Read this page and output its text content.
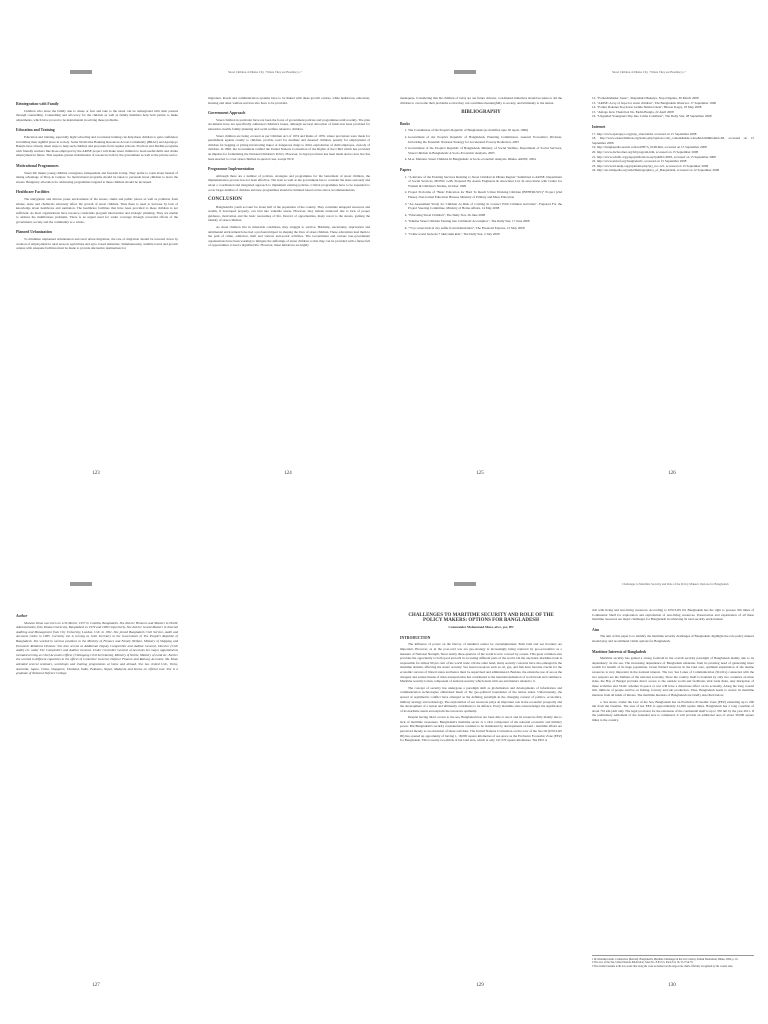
Reintegration with Family

Children who leave the family due to abuse or fear and take to the street can be reintegrated with their parents through counselling. Counselling and advocacy for the children as well as family members help both parties to make adjustments, which have proved to be instrumental in solving these problems.

Education and Training

Education and training, especially night schooling and vocational training can help these children to gain confidence in building their rightful place in society. Some NGOs like Banking Resources Across Community (BRAC) and Aparajeyo Bangla have already taken steps to help such children and proposals from regular schools. Practical and flexible programs with friendly teachers like those employed by the ARISE project will make street children to learn useful skills and obtain employment in future. This requires greater mobilization of resources both by the government as well as the private sector.

Motivational Programmes

Street life makes young children contagious, independent and freedom loving. They prefer to roam about instead of taking advantage of Drop in Centres. So motivational programs should be taken to persuade street children to leave the streets. Budgetary allocation for addressing programmes targeted at these children should be increased.

Healthcare Facilities

The unhygienic and diverse prone environment of the streets, slums and public places as well as pollution from smoke, noise and chemicals adversely affect the growth of street children. Thus there is need to increase by lack of knowledge about healthcare and sanitation. The healthcare facilities that have been provided to these children is not sufficient. As most organizations have resource constraints program intervention and strategic planning. They are unable to address the multifarious problems. There is an urgent need for wider coverage through concerted efforts of the government, society and the community as a whole.

Planned Urbanization

To minimize unplanned urbanization and rural urban migration, the rate of migration should be lowered down by creation of employment in rural areas in agriculture and agro- based industries. Simultaneously, satellite towns and growth centres with adequate facilities must be made to provide alternative destinations for

123
Street Children of Dhaka City : Where They are Heading to ?

migration. Roads and communication systems have to be linked with these growth centres, while healthcare, education, housing and other welfare services also have to be provided.

Government Approach

Street children in particular have not been the focus of government policies and programmes until recently. The plan documents have not specifically addressed children's issues, although sectoral allocation of funds has been provided for education, health, family planning and social welfare related to children.

Street children are being covered as per Children Act of 1974 and Rules of 1976, where provisions were made for punishment against cruelty to children, provide court for destitute and deserted children, penalty for employment of children for begging or giving intoxicating liquor or dangerous drugs to child, exploitation of child employee, custody of children. In 1990, the Government ratified the United Nations Convention of the Rights of the Child which has provided an impetus for formulating the National Children's Policy. However, no legal provision has been made and no new law has been enacted to cover street children in special case, except NCP.

Programme Implementation

Although there are a number of policies, strategies and programmes for the betterment of street children, the implementation process has not been effective. The state as well as the government has to consider the issue seriously and adopt a coordinated and integrated approach to implement existing policies. Critical programmes have to be expanded to cover larger number of children and new programmes should be initiated based on the above recommendations.

CONCLUSION

Bangladesh's youth account for about half of the population of the country. They constitute untapped resources and wealth, if developed properly, can turn into valuable assets. However, they remain untutored due to lack of proper guidance, motivation and the basic necessities of life. Devoid of opportunities, many resort to the streets, gaining the identity of street children.

As street children live in miserable conditions, they struggle to survive. Hardship, uncertainty, deprivation and detrimental environment have had a profound impact in shaping the lives of street children. These adversities lead them to the path of crime, addiction, theft and various anti-social activities. The Government and various non-government organisations have been working to mitigate the sufferings of street children so that they can be provided with a future full of opportunities to lead a dignified life. However, these initiatives are highly

124

inadequate. Considering that the children of today are our future citizens, coordinated initiatives should be taken to aid the children to overcome their problems so that they can contribute meaningfully to society, and ultimately to the nation.

BIBLIOGRAPHY
Books
1. The Constitution of the People's Republic of Bangladesh (as modified upto 30 April, 1996)
2. Government of the People's Republic of Bangladesh, Planning Commission, General Economics Division, Unlocking the Potential: National Strategy for Accelerated Poverty Reduction, 2005
3. Government of the People's Republic of Bangladesh, Ministry of Social Welfare, Department of Social Services, Street Children in Bangladesh: A Socio-Economic Analysis, 2005
4. M.A. Mannan, Street Children In Bangladesh: A Socio-economic Analysis, Dhaka, ARISE, 2004
Papers
1. "A Review of the Existing Services Relating to Street Children in Dhaka Region" Submitted to ARISE, Department of Social Services, MOSW, GoB, Prepared By Assets Engineers & Associates Ltd. In association with Centre for Women & Children's Studies, October 1999
2. Project Proforma of "Basic Education for Hard To Reach Urban Working Children (BEHTRUWC)" Project (2nd Phase), Non-formal Education Bureau, Ministry of Primary and Mass Education
3. "An Assessment Study for Children At Risk of Coming In Contact With Criminal Activities", Prepared For the Project Steering Committee, Ministry of Home Affairs, 14 May 2008
4. "Educating Street Children", The Daily Star, 26 June 2008
5. "Khulna Street Children Turning into Criminals' Accomplice", The Daily Star, 17 June 2008
6. "75 pc street kids in city suffer from malnutrition", The Financial Express, 15 May 2008
7. "Crime world beckons 7 lakh slum kids", The Daily Star, 2 July 2008
125
Street Children of Dhaka City : Where They are Heading to ?
12. "Pothoshishuder Jonno", Shaptahik Dhakaiya, Naya Diganta, 30 March 2008
13. "ARISE: A ray of hope for street children", The Bangladesh Observer, 17 September 1996
14. "Pother Dokaner Kaj Korte Jachhe Shishu Chele", Bhorer Kagoj, 18 May 2008
15. "Amago Kew Thaki Koi Na, Ekdin Bangla, 22 April 2008
16. "Unguided Youngsters Slip Into Crime Condition", The Daily Star, 28 September 2008
Internet
17. http://www.aparajeyo.org/ptsp_street.html, accessed on 15 September 2008
18. http://www.streetchildren.org/index.php?option=com_content&task=view&id=60&Itemid=48, accessed on 15 September 2008
19. http://banglapedia.search.com.bd/HT/S_0168.htm, accessed on 15 September 2008
20. http://www.dschoolnet.org/bd/program.htm, accessed on 15 September 2008
21. http://www.sclubb.org/ptsp/publication.asp?pubID=4693, accessed on 15 September 2008
22. http://www.unicef.org/bangladesh/, accessed on 15 September 2008
23. http://www.bd.undp.org/prjdetails.php?prj_no=121, accessed on 15 September 2008
24. http://en.wikipedia.org/wiki/Demographics_of_Bangladesh, accessed on 12 September 2008
126
Author

Shaheen Khan was born on 11th March, 1957 in Comilla, Bangladesh. She did her Honours and Masters in Public Administration from Dhaka University, Bangladesh in 1979 and 1980 respectively. She did her Grand Masters in Internal Auditing and Management from City University, London, U.K. in 1991. She joined Bangladesh Civil Service, Audit and Accounts Cadre in 1983. Currently she is serving as Joint Secretary to the Government of The People's Republic of Bangladesh. She worked in various positions in the Ministry of Finance and Family Welfare, Ministry of Shipping and Economic Relations Division. She also served as Additional Deputy Comptroller and Auditor General, Director (Civil Audit) etc. under The Comptroller and Auditor General. Under Controller General of Accounts her major appointments included serving as Chief Accounts Officer (Chittagong Civil Secretariat), Ministry of Works, Ministry of Land etc. Earlier she worked in different capacities in the offices of Controller General, Defence Finance and Railway Accounts. Ms. Khan attended several seminars, workshops and training programmes at home and abroad. She has visited U.K., Turky, Australia, Japan, China, Singapore, Thailand, India, Pakistan, Nepal, Malaysia and Korea on official tour. She is a graduate of National Defence College.

127
CHALLENGES TO MARITIME SECURITY AND ROLE OF THE POLICY MAKERS: OPTIONS FOR BANGLADESH
Commander Mohammad Musa, afwc, psc, BN
INTRODUCTION

The influence of power on the history of mankind cannot be overemphasized. Both land and sea frontiers are important. However, as in the post-cold war era geo-strategy is increasingly being replaced by geo-economics as a measure of National Strength, Since nearly three-quarters of the world is now covered by oceans. This great common area provides the opportunity to both good and evil in accessing different parts of the world. On the one hand, maritime trade is responsible for almost 90 per cent of the world trade. On the other hand, many security concerns have also emerged in the maritime domain, affecting the states' security. Sea based resources such as oil, gas, and fish have become crucial for the economic success of littoral states and hence must be supervised and administered. Besides, the extensive use of sea as the cheapest and easiest means of mass transportation has contributed to the internationalisation of world trade and commerce. Maritime security is thus component of national security which deals with sea and matters related to it.

The concept of security has undergone a paradigm shift as globalisation and developments of information and communication technologies obliterated much of the geo-political boundaries of the nation states. Unfortunately, the spread of asymmetric conflict have emerged as the defining paradigm in the changing context of politics, economics, military strategy and technology. The exploitation of sea resources plays an important role in the economic prosperity and the development of a nation and ultimately contributes to its defence. Every maritime state acknowledges the significance of its maritime assets and exploits the resources optimally.

Despite having direct access to the sea, Bangladesh has not been able to use it and its resources fully mainly due to lack of maritime awareness. Bangladesh's maritime sector is a vital component of the national economic and military power. But Bangladesh's security considerations continue to be dominated by developments on land - maritime affairs are perceived merely as an extension of these activities. The United Nations Convention on the Law of the Sea III (UNCLOS III) has opened up opportunity of having 1, 18,000 square kilometres of sea space as the Exclusive Economic Zone (EEZ) for Bangladesh. This is nearly two-thirds of her land area, which is only 147,570 square kilometres. The EEZ is

129
Challenges to Maritime Security and Role of the Policy Makers: Options for Bangladesh

rich with living and non-living resources. According to UNCLOS III, Bangladesh has the right to possess 350 miles of Continental Shelf for exploration and exploitation of non-living resources. Preservation and exploitation of all these maritime resources are major challenges for Bangladesh in achieving its total security environment.

Aim

The aim of this paper is to identify the maritime security challenges of Bangladesh, highlight the role policy makers should play and recommend viable options for Bangladesh.

Maritime Interests of Bangladesh

Maritime security has gained a strong foothold in the overall security paradigm of Bangladesh mainly due to its dependency on the sea. The increasing dependence of Bangladesh emanates from its pressing need of generating more wealth for benefit of its huge population. Given limited resources in the land area, optimum exploitation of the marine resources is very important in the national interest. The two Sea Lanes of Communication (SLOCs) connected with the two seaports are the lifelines of the national economy. Since the country itself is bounded by only two countries on three sides, the Bay of Bengal provides direct access to the outside world and facilitates vital trade links. Any disruption of these activities and SLOC whether in peace or war will have a disastrous effect on its economy. Along the long coastal belt, millions of people survive on fishing, forestry and salt production. Thus, Bangladesh needs to secure its maritime interests from all kinds of threats. The maritime interests of Bangladesh are briefly described below:

a. Sea Areas. Under the Law of the Sea, Bangladesh has an Exclusive Economic Zone (EEZ) extending up to 200 nm from the baseline. The area of her EEZ is approximately 41,000 square miles. Bangladesh has a long coastline of about 710 km (445 nm). The legal provision for the extension of the continental shelf is up to 350 nm by the year 2011. If the preliminary settlement of the extended area is completed, it will provide an additional area of about 30,000 square miles to the country.

1 M. Khurshed Alam, Commodore (Retired). Bangladesh's Maritime Challenges in the 21st Century, Pathak Shamabesh, Dhaka, 2004, p. 10.
2 The Law of the Sea, United Nations Publication, Sales No. E.83.V.5, Paras 8 to 18, 55-75 & 76.
3 The normal baseline is the low-water line along the coast as marked on the large-scale charts officially recognised by the coastal state.
130
